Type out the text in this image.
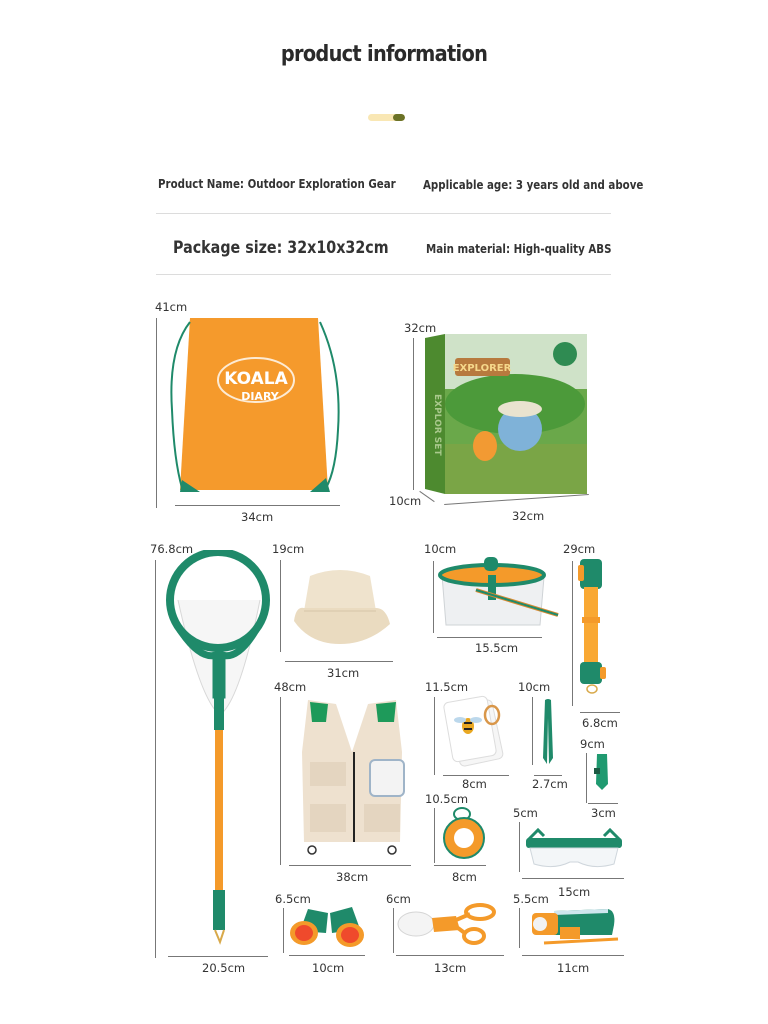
product information
Product Name: Outdoor Exploration Gear Applicable age: 3 years old and above
Package size: 32x10x32cm	Main material: High-quality ABS
41cm
34cm
KOALA
DIARY
32cm
10cm
32cm
EXPLORER
EXPLOR SET
76.8cm
20.5cm
19cm
31cm
10cm
15.5cm
29cm
6.8cm
48cm
38cm
11.5cm
8cm
10cm
2.7cm
9cm
3cm
10.5cm
8cm
5cm
15cm
6.5cm
10cm
6cm
13cm
5.5cm
11cm
